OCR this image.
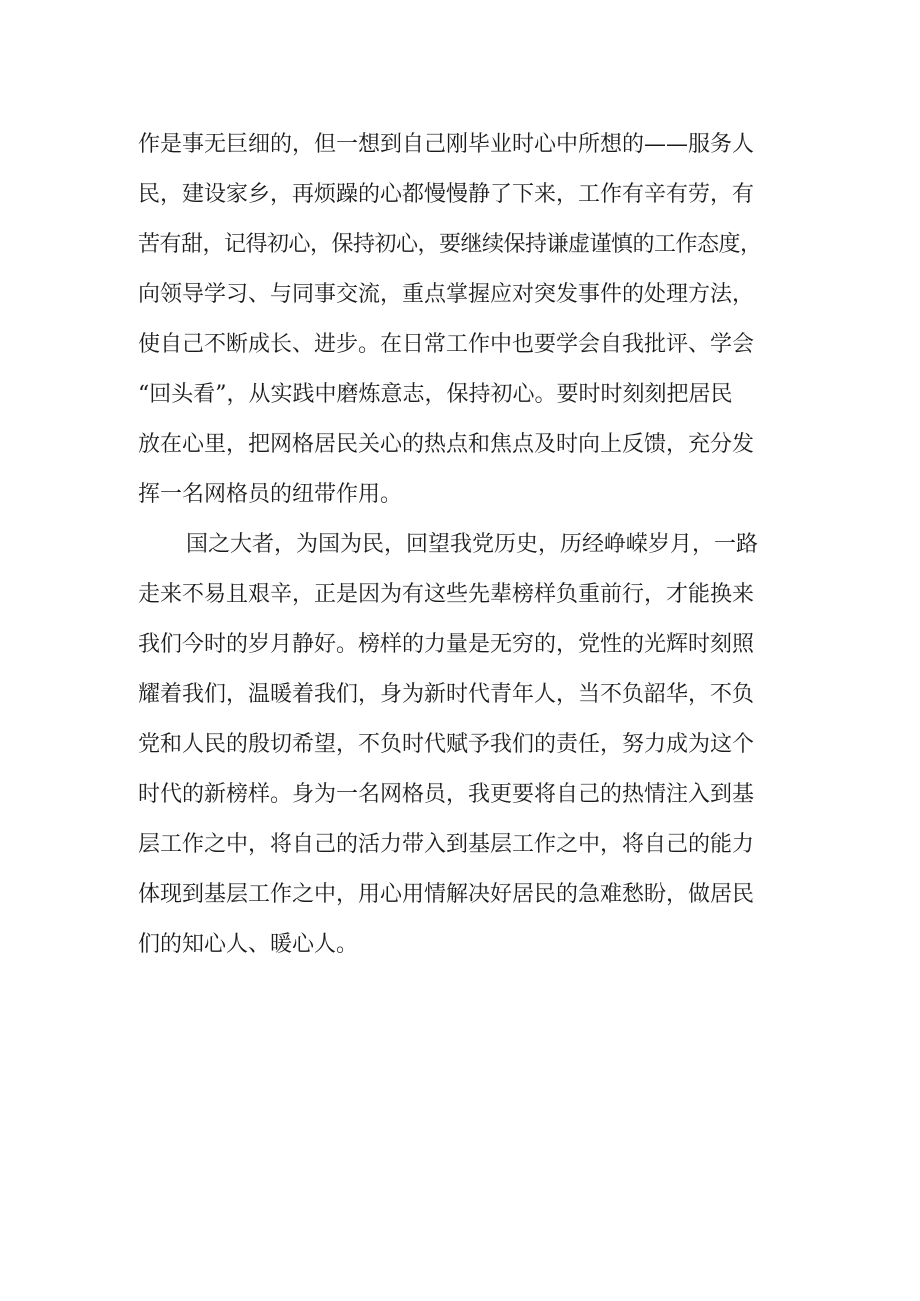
作是事无巨细的，但一想到自己刚毕业时心中所想的——服务人
民，建设家乡，再烦躁的心都慢慢静了下来，工作有辛有劳，有
苦有甜，记得初心，保持初心，要继续保持谦虚谨慎的工作态度，
向领导学习、与同事交流，重点掌握应对突发事件的处理方法，
使自己不断成长、进步。在日常工作中也要学会自我批评、学会
“回头看”，从实践中磨炼意志，保持初心。要时时刻刻把居民
放在心里，把网格居民关心的热点和焦点及时向上反馈，充分发
挥一名网格员的纽带作用。
国之大者，为国为民，回望我党历史，历经峥嵘岁月，一路
走来不易且艰辛，正是因为有这些先辈榜样负重前行，才能换来
我们今时的岁月静好。榜样的力量是无穷的，党性的光辉时刻照
耀着我们，温暖着我们，身为新时代青年人，当不负韶华，不负
党和人民的殷切希望，不负时代赋予我们的责任，努力成为这个
时代的新榜样。身为一名网格员，我更要将自己的热情注入到基
层工作之中，将自己的活力带入到基层工作之中，将自己的能力
体现到基层工作之中，用心用情解决好居民的急难愁盼，做居民
们的知心人、暖心人。
